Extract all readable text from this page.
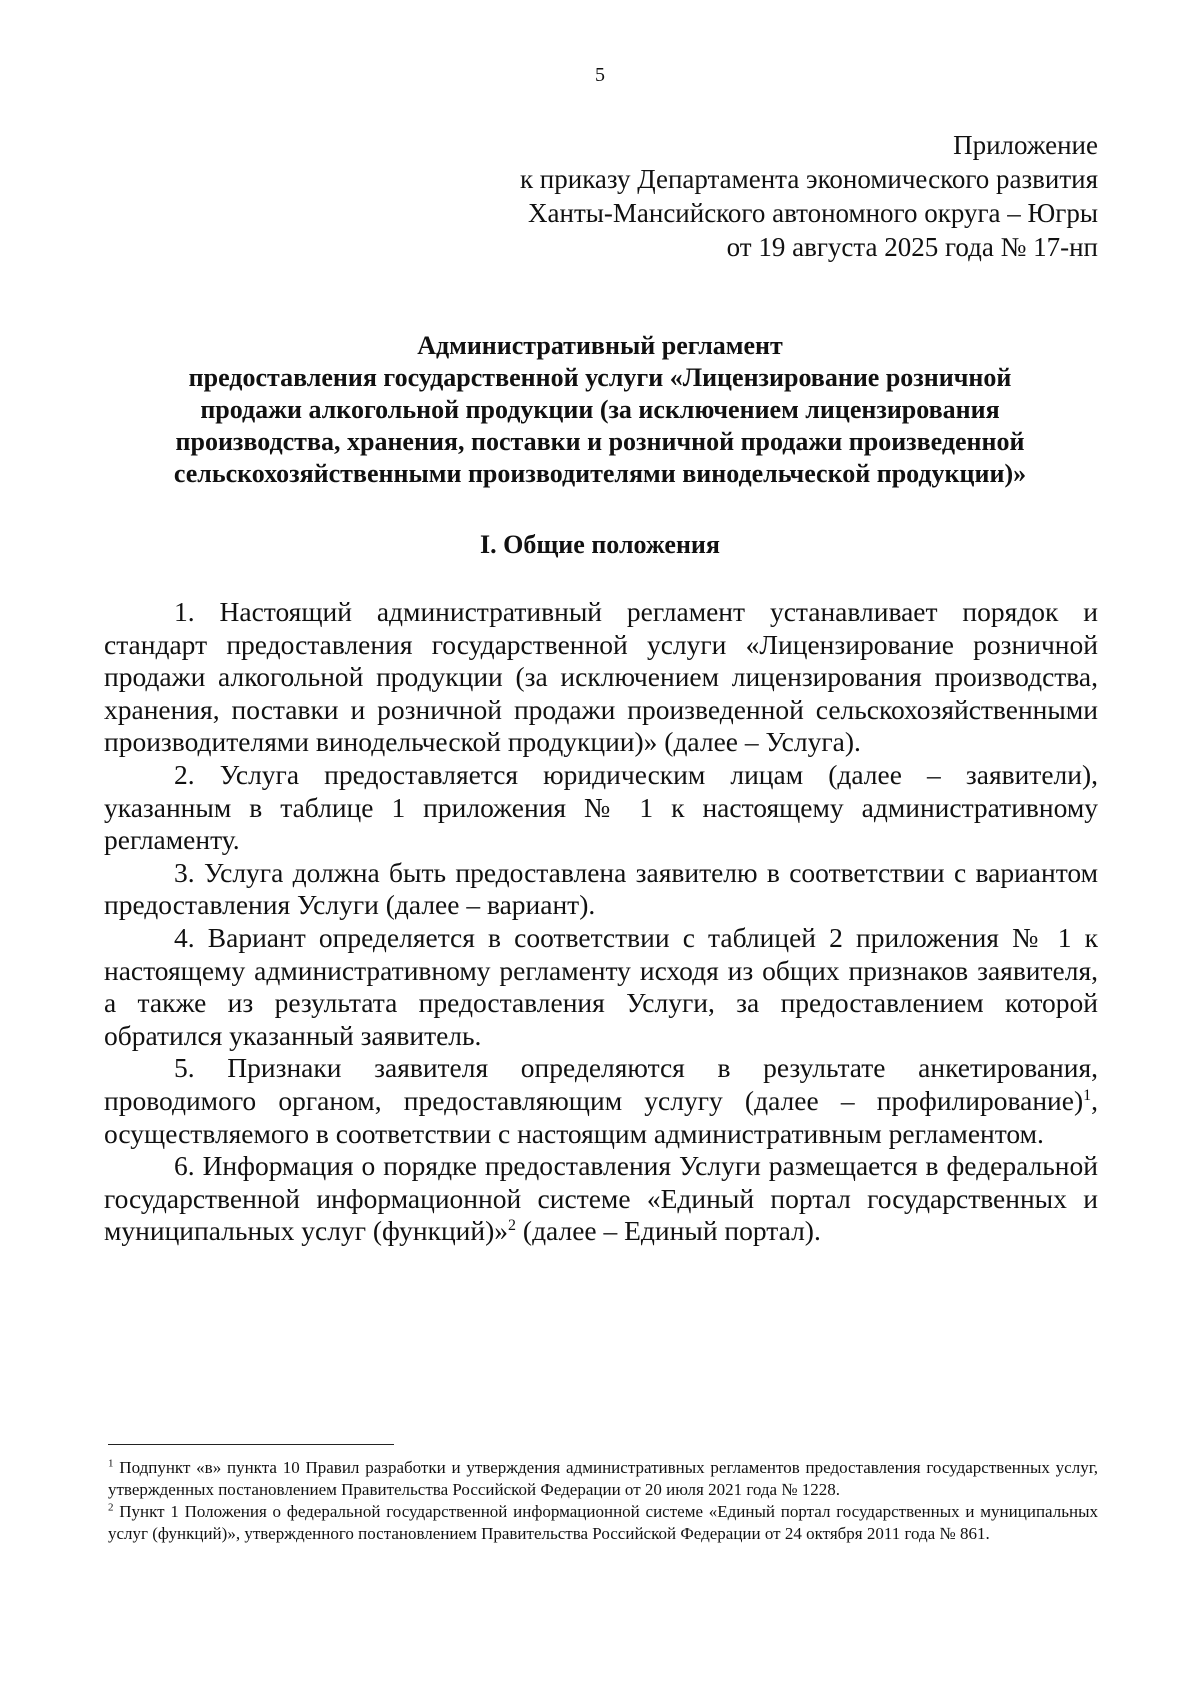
5
Приложение
к приказу Департамента экономического развития
Ханты-Мансийского автономного округа – Югры
от 19 августа 2025 года № 17-нп
Административный регламент
предоставления государственной услуги «Лицензирование розничной
продажи алкогольной продукции (за исключением лицензирования
производства, хранения, поставки и розничной продажи произведенной
сельскохозяйственными производителями винодельческой продукции)»
I. Общие положения

1. Настоящий административный регламент устанавливает порядок и стандарт предоставления государственной услуги «Лицензирование розничной продажи алкогольной продукции (за исключением лицензирования производства, хранения, поставки и розничной продажи произведенной сельскохозяйственными производителями винодельческой продукции)» (далее – Услуга).

2. Услуга предоставляется юридическим лицам (далее – заявители), указанным в таблице 1 приложения № 1 к настоящему административному регламенту.

3. Услуга должна быть предоставлена заявителю в соответствии с вариантом предоставления Услуги (далее – вариант).

4. Вариант определяется в соответствии с таблицей 2 приложения № 1 к настоящему административному регламенту исходя из общих признаков заявителя, а также из результата предоставления Услуги, за предоставлением которой обратился указанный заявитель.

5. Признаки заявителя определяются в результате анкетирования, проводимого органом, предоставляющим услугу (далее – профилирование)$^1$, осуществляемого в соответствии с настоящим административным регламентом.

6. Информация о порядке предоставления Услуги размещается в федеральной государственной информационной системе «Единый портал государственных и муниципальных услуг (функций)»$^2$ (далее – Единый портал).

$^1$ Подпункт «в» пункта 10 Правил разработки и утверждения административных регламентов предоставления государственных услуг, утвержденных постановлением Правительства Российской Федерации от 20 июля 2021 года № 1228.

$^2$ Пункт 1 Положения о федеральной государственной информационной системе «Единый портал государственных и муниципальных услуг (функций)», утвержденного постановлением Правительства Российской Федерации от 24 октября 2011 года № 861.
